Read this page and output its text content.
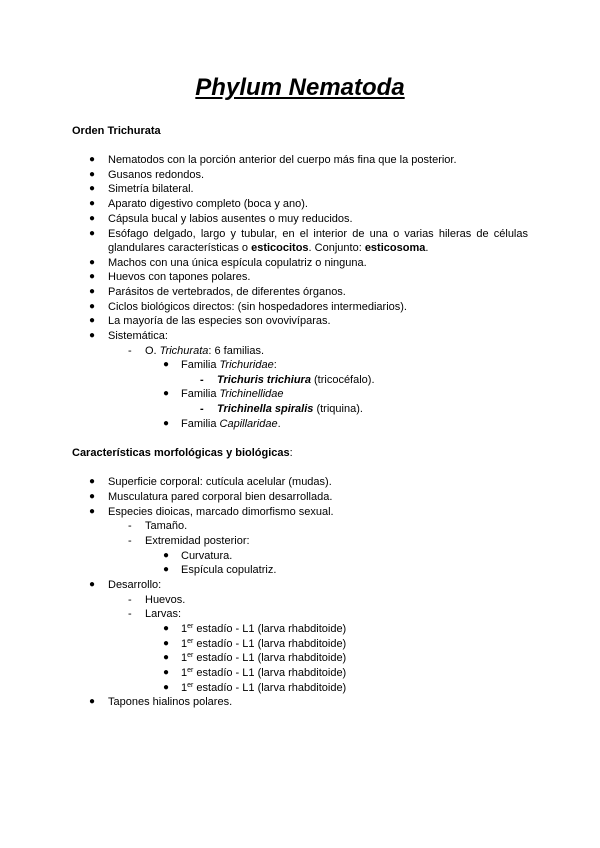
Phylum Nematoda
Orden Trichurata
● Nematodos con la porción anterior del cuerpo más fina que la posterior.
● Gusanos redondos.
● Simetría bilateral.
● Aparato digestivo completo (boca y ano).
● Cápsula bucal y labios ausentes o muy reducidos.
● Esófago delgado, largo y tubular, en el interior de una o varias hileras de células
glandulares características o esticocitos. Conjunto: esticosoma.
● Machos con una única espícula copulatriz o ninguna.
● Huevos con tapones polares.
● Parásitos de vertebrados, de diferentes órganos.
● Ciclos biológicos directos: (sin hospedadores intermediarios).
● La mayoría de las especies son ovovivíparas.
● Sistemática:
- O. Trichurata: 6 familias.
● Familia Trichuridae:
- Trichuris trichiura (tricocéfalo).
● Familia Trichinellidae
- Trichinella spiralis (triquina).
● Familia Capillaridae.
Características morfológicas y biológicas:
● Superficie corporal: cutícula acelular (mudas).
● Musculatura pared corporal bien desarrollada.
● Especies dioicas, marcado dimorfismo sexual.
- Tamaño.
- Extremidad posterior:
● Curvatura.
● Espícula copulatriz.
● Desarrollo:
- Huevos.
- Larvas:
● 1er estadío - L1 (larva rhabditoide)
● 1er estadío - L1 (larva rhabditoide)
● 1er estadío - L1 (larva rhabditoide)
● 1er estadío - L1 (larva rhabditoide)
● 1er estadío - L1 (larva rhabditoide)
● Tapones hialinos polares.
